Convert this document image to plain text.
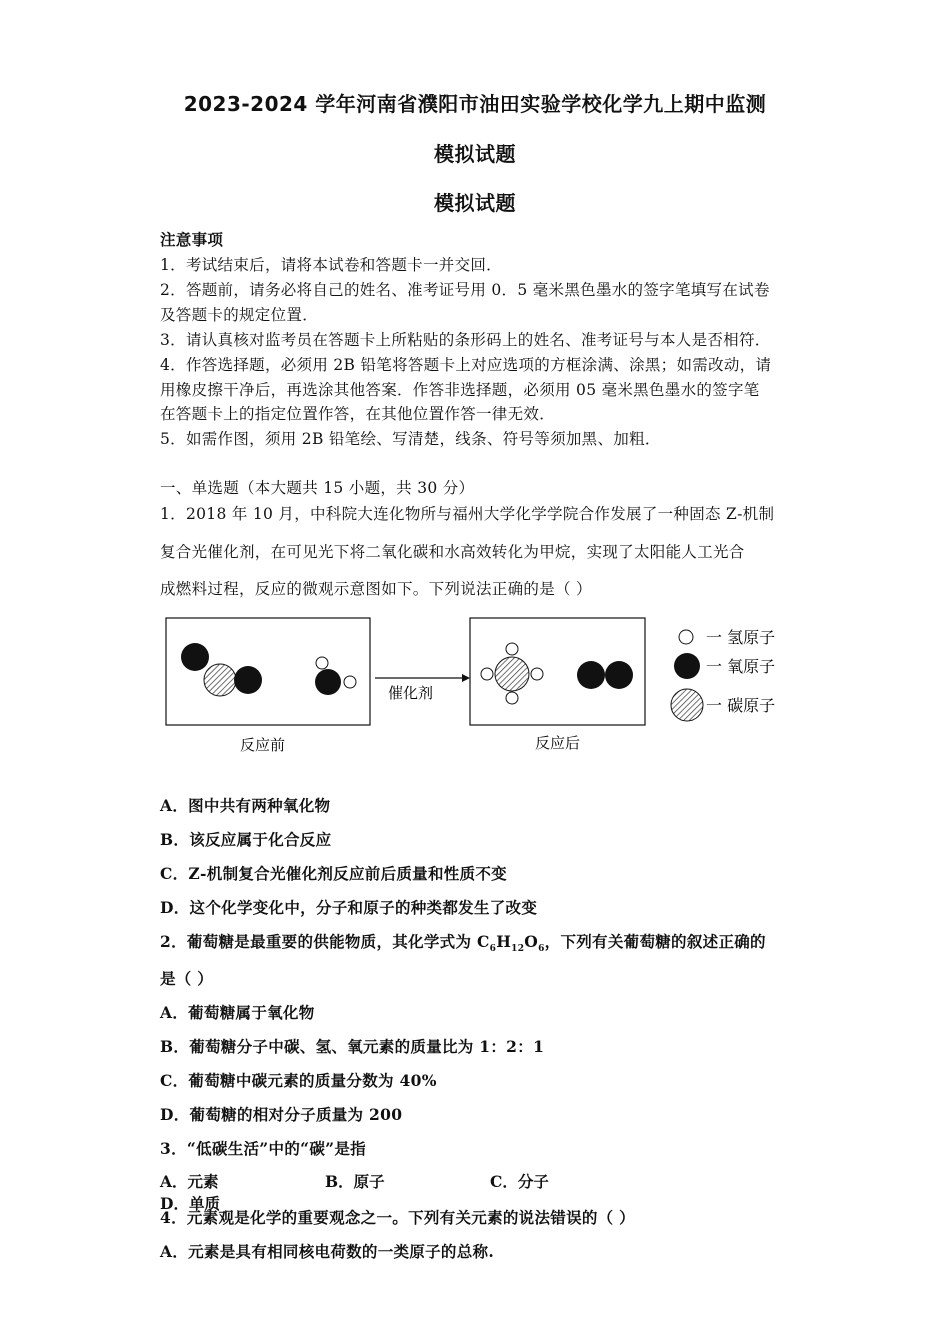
2023-2024 学年河南省濮阳市油田实验学校化学九上期中监测
模拟试题
模拟试题
注意事项
1．考试结束后，请将本试卷和答题卡一并交回．
2．答题前，请务必将自己的姓名、准考证号用 0．5 毫米黑色墨水的签字笔填写在试卷
及答题卡的规定位置．
3．请认真核对监考员在答题卡上所粘贴的条形码上的姓名、准考证号与本人是否相符．
4．作答选择题，必须用 2B 铅笔将答题卡上对应选项的方框涂满、涂黑；如需改动，请
用橡皮擦干净后，再选涂其他答案．作答非选择题，必须用 05 毫米黑色墨水的签字笔
在答题卡上的指定位置作答，在其他位置作答一律无效．
5．如需作图，须用 2B 铅笔绘、写清楚，线条、符号等须加黑、加粗．
一、单选题（本大题共 15 小题，共 30 分）
1．2018 年 10 月，中科院大连化物所与福州大学化学学院合作发展了一种固态 Z-机制
复合光催化剂，在可见光下将二氧化碳和水高效转化为甲烷，实现了太阳能人工光合
成燃料过程，反应的微观示意图如下。下列说法正确的是（ ）
催化剂
反应前	反应后
一 氢原子
一 氧原子
一 碳原子
A．图中共有两种氧化物
B．该反应属于化合反应
C．Z-机制复合光催化剂反应前后质量和性质不变
D．这个化学变化中，分子和原子的种类都发生了改变
2．葡萄糖是最重要的供能物质，其化学式为 $C_6H_{12}O_6$，下列有关葡萄糖的叙述正确的
是（ ）
A．葡萄糖属于氧化物
B．葡萄糖分子中碳、氢、氧元素的质量比为 1：2：1
C．葡萄糖中碳元素的质量分数为 40%
D．葡萄糖的相对分子质量为 200
3．“低碳生活”中的“碳”是指
A．元素	B．原子	C．分子D．单质
4．元素观是化学的重要观念之一。下列有关元素的说法错误的（ ）
A．元素是具有相同核电荷数的一类原子的总称.
